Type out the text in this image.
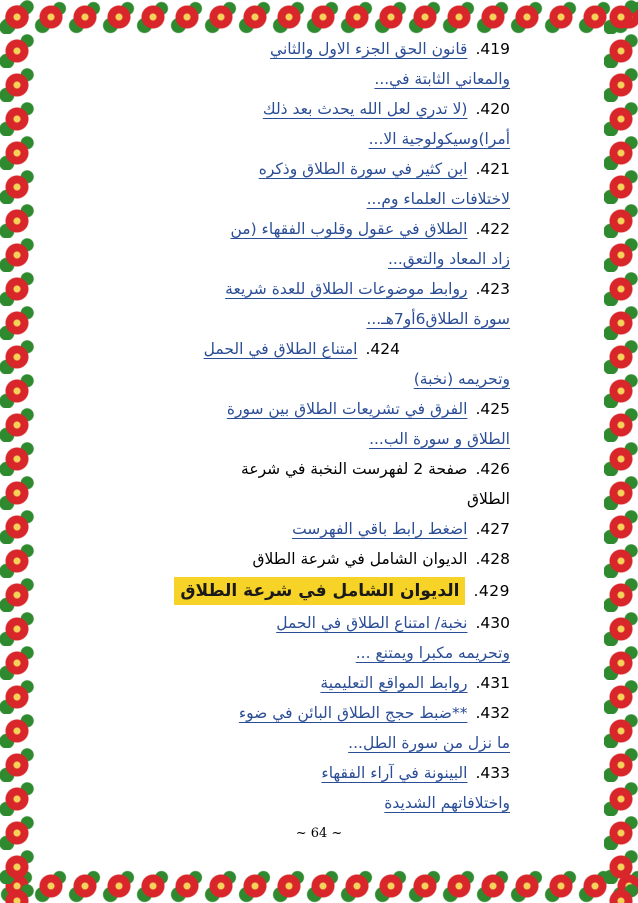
419.قانون الحق الجزء الاول والثاني
والمعاني الثابتة في...
420.(لا تدري لعل الله يحدث بعد ذلك
أمرا)وسيكولوجية الا...
421.ابن كثير في سورة الطلاق وذكره
لاختلافات العلماء وم...
422.الطلاق في عقول وقلوب الفقهاء (من
زاد المعاد والتعق...
423.روابط موضوعات الطلاق للعدة شريعة
سورة الطلاق6أو7هـ...
424.امتناع الطلاق في الحمل
وتحريمه (نخبة)
425.الفرق في تشريعات الطلاق بين سورة
الطلاق و سورة الب...
426.صفحة 2 لفهرست النخبة في شرعة
الطلاق
427.اضغط رابط باقي الفهرست
428.الديوان الشامل في شرعة الطلاق
429.الديوان الشامل في شرعة الطلاق
430.نخبة/ امتناع الطلاق في الحمل
وتحريمه مكبرا ويمتنع ...
431.روابط المواقع التعليمية
432.**ضبط حجج الطلاق البائن في ضوء
ما نزل من سورة الطل...
433.البينونة في آراء الفقهاء
واختلافاتهم الشديدة
~ 64 ~
